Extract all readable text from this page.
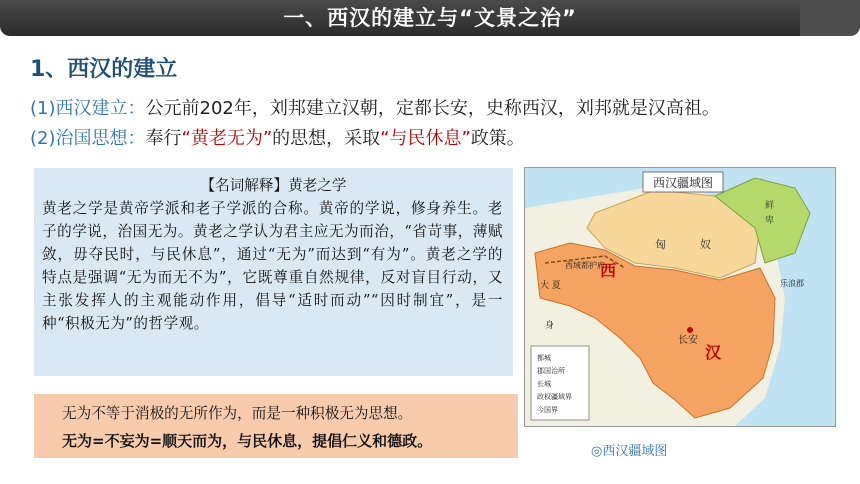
一、西汉的建立与“文景之治”
1、西汉的建立
(1)西汉建立：公元前202年，刘邦建立汉朝，定都长安，史称西汉，刘邦就是汉高祖。
(2)治国思想：奉行“黄老无为”的思想，采取“与民休息”政策。
【名词解释】黄老之学
黄老之学是黄帝学派和老子学派的合称。黄帝的学说，修身养生。老子的学说，治国无为。黄老之学认为君主应无为而治，“省苛事，薄赋敛，毋夺民时，与民休息”，通过“无为”而达到“有为”。黄老之学的特点是强调“无为而无不为”，它既尊重自然规律，反对盲目行动，又主张发挥人的主观能动作用，倡导“适时而动”“因时制宜”，是一种“积极无为”的哲学观。
无为不等于消极的无所作为，而是一种积极无为思想。
无为=不妄为=顺天而为，与民休息，提倡仁义和德政。
西汉疆域图
西
汉
匈	奴
鲜
卑
长安
乐浪郡
身
大 夏
西域都护府
都城
郡国治所
长城
政权疆域界
今国界
◎西汉疆域图
